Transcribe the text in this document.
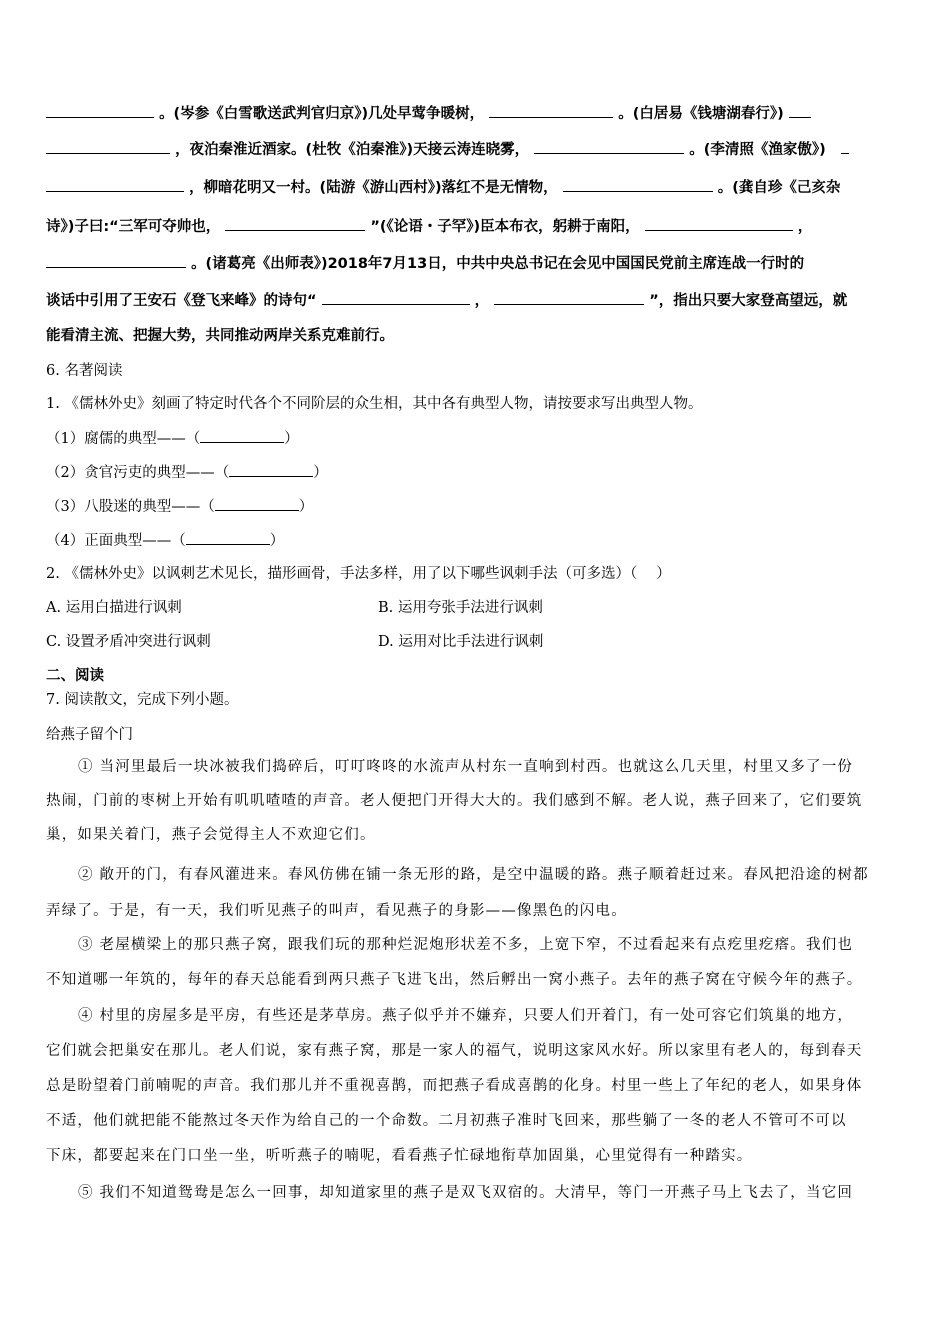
。(岑参《白雪歌送武判官归京》)几处早莺争暖树，	。(白居易《钱塘湖春行》)
，夜泊秦淮近酒家。(杜牧《泊秦淮》)天接云涛连晓雾，	。(李清照《渔家傲》)
，柳暗花明又一村。(陆游《游山西村》)落红不是无情物，	。(龚自珍《己亥杂
诗》)子曰:“三军可夺帅也，	”(《论语・子罕》)臣本布衣，躬耕于南阳，	，
。(诸葛亮《出师表》)2018年7月13日，中共中央总书记在会见中国国民党前主席连战一行时的
谈话中引用了王安石《登飞来峰》的诗句“	，	”，指出只要大家登高望远，就
能看清主流、把握大势，共同推动两岸关系克难前行。
6. 名著阅读
1. 《儒林外史》刻画了特定时代各个不同阶层的众生相，其中各有典型人物，请按要求写出典型人物。
（1）腐儒的典型——（	）
（2）贪官污吏的典型——（	）
（3）八股迷的典型——（	）
（4）正面典型——（	）
2. 《儒林外史》以讽刺艺术见长，描形画骨，手法多样，用了以下哪些讽刺手法（可多选）（　 ）
A. 运用白描进行讽刺	B. 运用夸张手法进行讽刺
C. 设置矛盾冲突进行讽刺	D. 运用对比手法进行讽刺
二、阅读
7. 阅读散文，完成下列小题。
给燕子留个门
① 当河里最后一块冰被我们捣碎后，叮叮咚咚的水流声从村东一直响到村西。也就这么几天里，村里又多了一份
热闹，门前的枣树上开始有叽叽喳喳的声音。老人便把门开得大大的。我们感到不解。老人说，燕子回来了，它们要筑
巢，如果关着门，燕子会觉得主人不欢迎它们。
② 敞开的门，有春风灌进来。春风仿佛在铺一条无形的路，是空中温暖的路。燕子顺着赶过来。春风把沿途的树都
弄绿了。于是，有一天，我们听见燕子的叫声，看见燕子的身影——像黑色的闪电。
③ 老屋横梁上的那只燕子窝，跟我们玩的那种烂泥炮形状差不多，上宽下窄，不过看起来有点疙里疙瘩。我们也
不知道哪一年筑的，每年的春天总能看到两只燕子飞进飞出，然后孵出一窝小燕子。去年的燕子窝在守候今年的燕子。
④ 村里的房屋多是平房，有些还是茅草房。燕子似乎并不嫌弃，只要人们开着门，有一处可容它们筑巢的地方，
它们就会把巢安在那儿。老人们说，家有燕子窝，那是一家人的福气，说明这家风水好。所以家里有老人的，每到春天
总是盼望着门前喃呢的声音。我们那儿并不重视喜鹊，而把燕子看成喜鹊的化身。村里一些上了年纪的老人，如果身体
不适，他们就把能不能熬过冬天作为给自己的一个命数。二月初燕子准时飞回来，那些躺了一冬的老人不管可不可以
下床，都要起来在门口坐一坐，听听燕子的喃呢，看看燕子忙碌地衔草加固巢，心里觉得有一种踏实。
⑤ 我们不知道鸳鸯是怎么一回事，却知道家里的燕子是双飞双宿的。大清早，等门一开燕子马上飞去了，当它回
